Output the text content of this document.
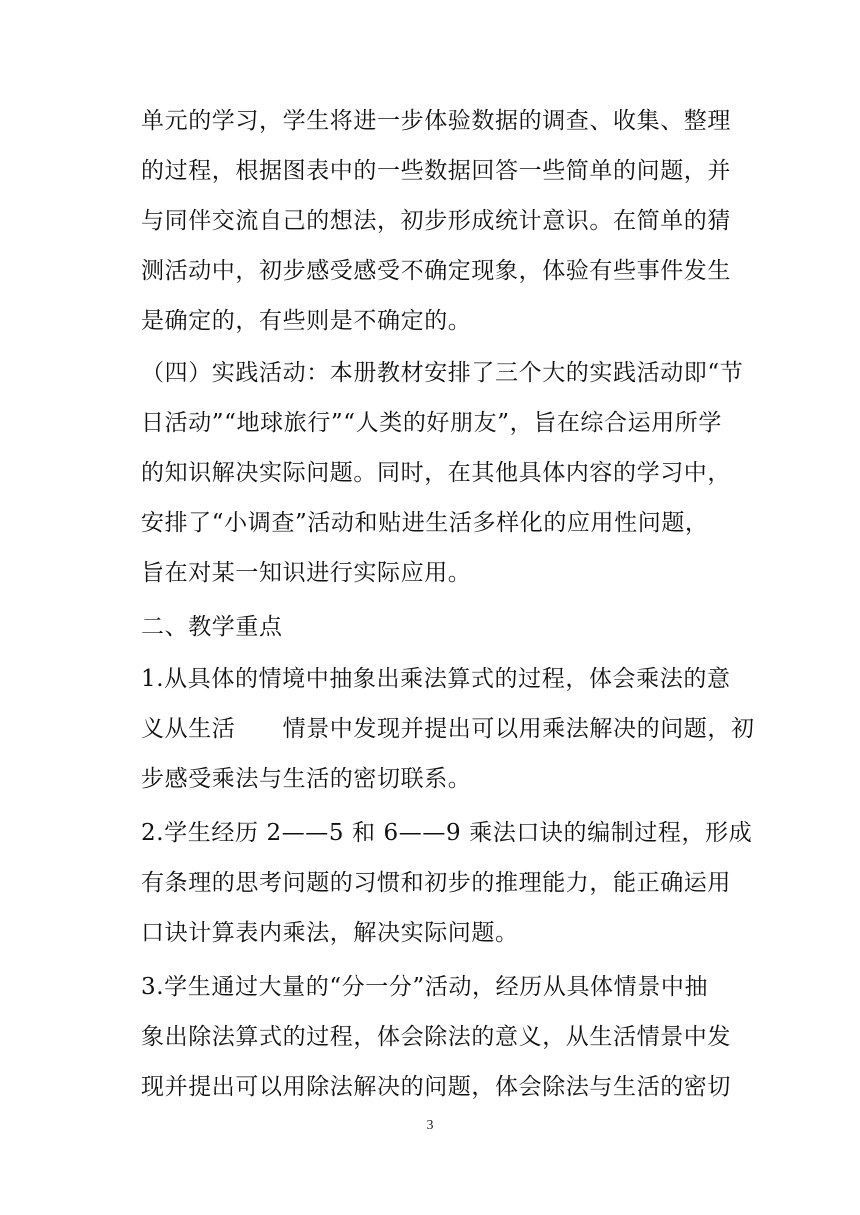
单元的学习，学生将进一步体验数据的调查、收集、整理
的过程，根据图表中的一些数据回答一些简单的问题，并
与同伴交流自己的想法，初步形成统计意识。在简单的猜
测活动中，初步感受感受不确定现象，体验有些事件发生
是确定的，有些则是不确定的。
（四）实践活动：本册教材安排了三个大的实践活动即“节
日活动”“地球旅行”“人类的好朋友”，旨在综合运用所学
的知识解决实际问题。同时，在其他具体内容的学习中，
安排了“小调查”活动和贴进生活多样化的应用性问题，
旨在对某一知识进行实际应用。
二、教学重点
1.从具体的情境中抽象出乘法算式的过程，体会乘法的意
义从生活　　情景中发现并提出可以用乘法解决的问题，初
步感受乘法与生活的密切联系。
2.学生经历 2——5 和 6——9 乘法口诀的编制过程，形成
有条理的思考问题的习惯和初步的推理能力，能正确运用
口诀计算表内乘法，解决实际问题。
3.学生通过大量的“分一分”活动，经历从具体情景中抽
象出除法算式的过程，体会除法的意义，从生活情景中发
现并提出可以用除法解决的问题，体会除法与生活的密切
3
